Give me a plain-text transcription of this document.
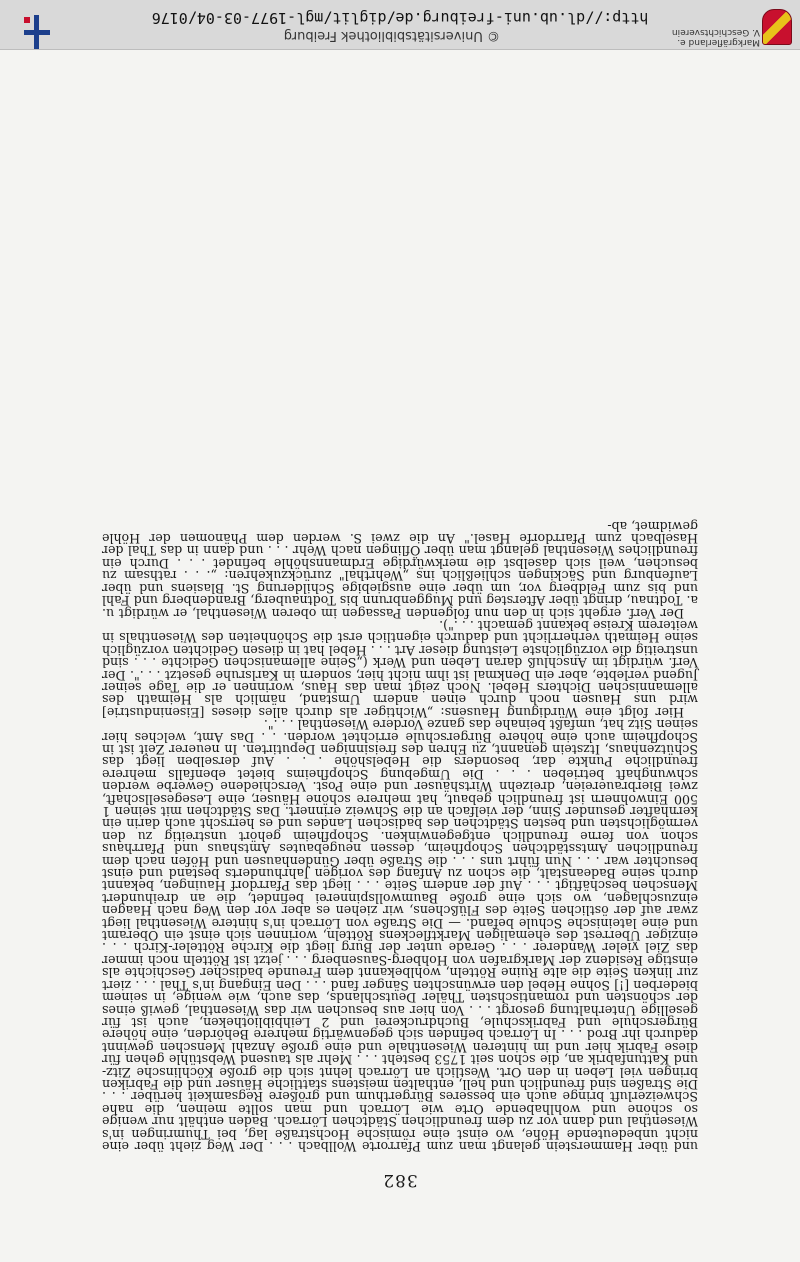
382

und über Hammerstein gelangt man zum Pfarrorte Wollbach . . . Der Weg zieht über eine nicht unbedeutende Höhe, wo einst eine römische Hochstraße lag, bei Thumringen in's Wiesenthal und dann vor zu dem freundlichen Städtchen Lörrach. Baden enthält nur wenige so schöne und wohlhabende Orte wie Lörrach und man sollte meinen, die nahe Schweizerluft bringe auch ein besseres Bürgerthum und größere Regsamkeit herüber . . . Die Straßen sind freundlich und hell, enthalten meistens stattliche Häuser und die Fabriken bringen viel Leben in den Ort. Westlich an Lörrach lehnt sich die große Köchlinsche Zitz- und Kattunfabrik an, die schon seit 1753 besteht . . . Mehr als tausend Webstühle gehen für diese Fabrik hier und im hinteren Wiesenthale und eine große Anzahl Menschen gewinnt dadurch ihr Brod . . . In Lörrach befinden sich gegenwärtig mehrere Behörden, eine höhere Bürgerschule und Fabrikschule, Buchdruckerei und 2 Leihbibliotheken, auch ist für gesellige Unterhaltung gesorgt . . . Von hier aus besuchen wir das Wiesenthal, gewiß eines der schönsten und romantischsten Thäler Deutschlands, das auch, wie wenige, in seinem biederben [!] Sohne Hebel den erwünschten Sänger fand . . . Den Eingang in's Thal . . . ziert zur linken Seite die alte Ruine Rötteln, wohlbekannt dem Freunde badischer Geschichte als einstige Residenz der Markgrafen von Hohberg-Sausenberg . . . jetzt ist Rötteln noch immer das Ziel vieler Wanderer . . . Gerade unter der Burg liegt die Kirche Rötteler-Kirch . . . einziger Überrest des ehemaligen Marktfleckens Rötteln, worinnen sich einst ein Oberamt und eine lateinische Schule befand. — Die Straße von Lörrach in's hintere Wiesenthal liegt zwar auf der östlichen Seite des Flüßchens, wir ziehen es aber vor den Weg nach Haagen einzuschlagen, wo sich eine große Baumwollspinnerei befindet, die an dreihundert Menschen beschäftigt . . . Auf der andern Seite . . . liegt das Pfarrdorf Hauingen, bekannt durch seine Badeanstalt, die schon zu Anfang des vorigen Jahrhunderts bestand und einst besuchter war . . . Nun führt uns . . . die Straße über Gündenhausen und Höfen nach dem freundlichen Amtsstädtchen Schopfheim, dessen neugebautes Amtshaus und Pfarrhaus schon von ferne freundlich entgegenwinken. Schopfheim gehört unstreitig zu den vermöglichsten und besten Städtchen des badischen Landes und es herrscht auch darin ein kernhafter gesunder Sinn, der vielfach an die Schweiz erinnert. Das Städtchen mit seinen 1 500 Einwohnern ist freundlich gebaut, hat mehrere schöne Häuser, eine Lesegesellschaft, zwei Bierbrauereien, dreizehn Wirtshäuser und eine Post. Verschiedene Gewerbe werden schwunghaft betrieben . . . Die Umgebung Schopfheims bietet ebenfalls mehrere freundliche Punkte dar, besonders die Hebelshöhe . . . Auf derselben liegt das Schützenhaus, Itzstein genannt, zu Ehren des freisinnigen Deputirten. In neuerer Zeit ist in Schopfheim auch eine höhere Bürgerschule errichtet worden. . . Das Amt, welches hier seinen Sitz hat, umfaßt beinahe das ganze Vordere Wiesenthal . . .".

Hier folgt eine Würdigung Hausens: „Wichtiger als durch alles dieses [Eisenindustrie] wird uns Hausen noch durch einen andern Umstand, nämlich als Heimath des allemannischen Dichters Hebel. Noch zeigt man das Haus, worinnen er die Tage seiner Jugend verlebte, aber ein Denkmal ist ihm nicht hier, sondern in Karlsruhe gesetzt . . .". Der Verf. würdigt im Anschluß daran Leben und Werk („Seine allemanischen Gedichte . . . sind unstreitig die vorzüglichste Leistung dieser Art . . . Hebel hat in diesen Gedichten vorzüglich seine Heimath verherrlicht und dadurch eigentlich erst die Schönheiten des Wiesenthals in weiterem Kreise bekannt gemacht . . .").

Der Verf. ergeht sich in den nun folgenden Passagen im oberen Wiesenthal, er würdigt u. a. Todtnau, dringt über Aftersteg und Muggenbrunn bis Todtnauberg, Brandenberg und Fahl und bis zum Feldberg vor, um über eine ausgiebige Schilderung St. Blasiens und über Laufenburg und Säckingen schließlich ins „Wehrthal" zurückzukehren: „. . . rathsam zu besuchen, weil sich daselbst die merkwürdige Erdmannshöhle befindet . . . Durch ein freundliches Wiesenthal gelangt man über Öflingen nach Wehr . . . und dann in das Thal der Haselbach zum Pfarrdorfe Hasel." An die zwei S. werden dem Phänomen der Höhle gewidmet, ab-

Markgräflerland e. V. Geschichtsverein
© Universitätsbibliothek Freiburg
http://dl.ub.uni-freiburg.de/diglit/mgl-1977-03-04/0176
